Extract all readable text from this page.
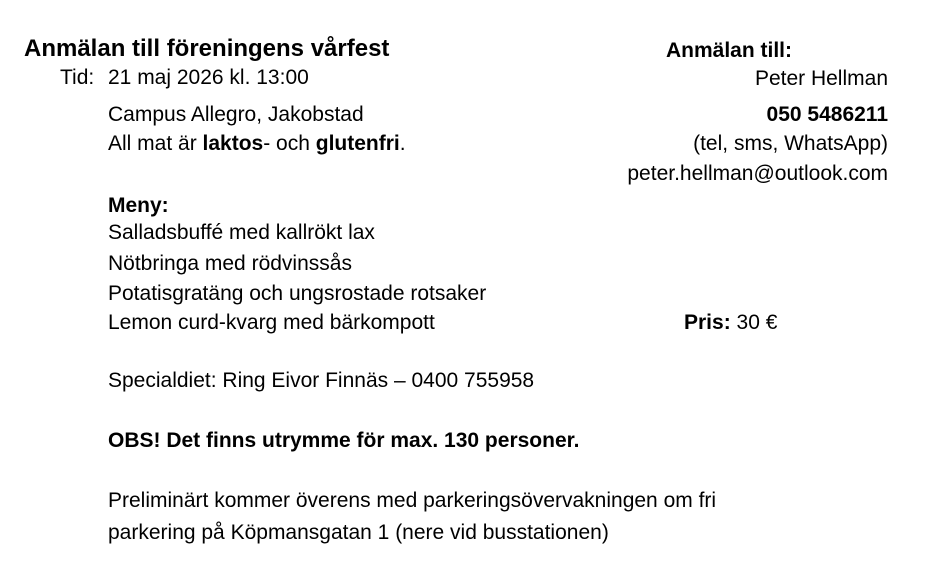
Anmälan till föreningens vårfest
Tid: 21 maj 2026 kl. 13:00
Campus Allegro, Jakobstad
All mat är laktos- och glutenfri.
Anmälan till:
Peter Hellman
050 5486211
(tel, sms, WhatsApp)
peter.hellman@outlook.com
Meny:
Salladsbuffé med kallrökt lax
Nötbringa med rödvinssås
Potatisgratäng och ungsrostade rotsaker
Lemon curd-kvarg med bärkompott	Pris: 30 €
Specialdiet: Ring Eivor Finnäs – 0400 755958
OBS! Det finns utrymme för max. 130 personer.
Preliminärt kommer överens med parkeringsövervakningen om fri
parkering på Köpmansgatan 1 (nere vid busstationen)
